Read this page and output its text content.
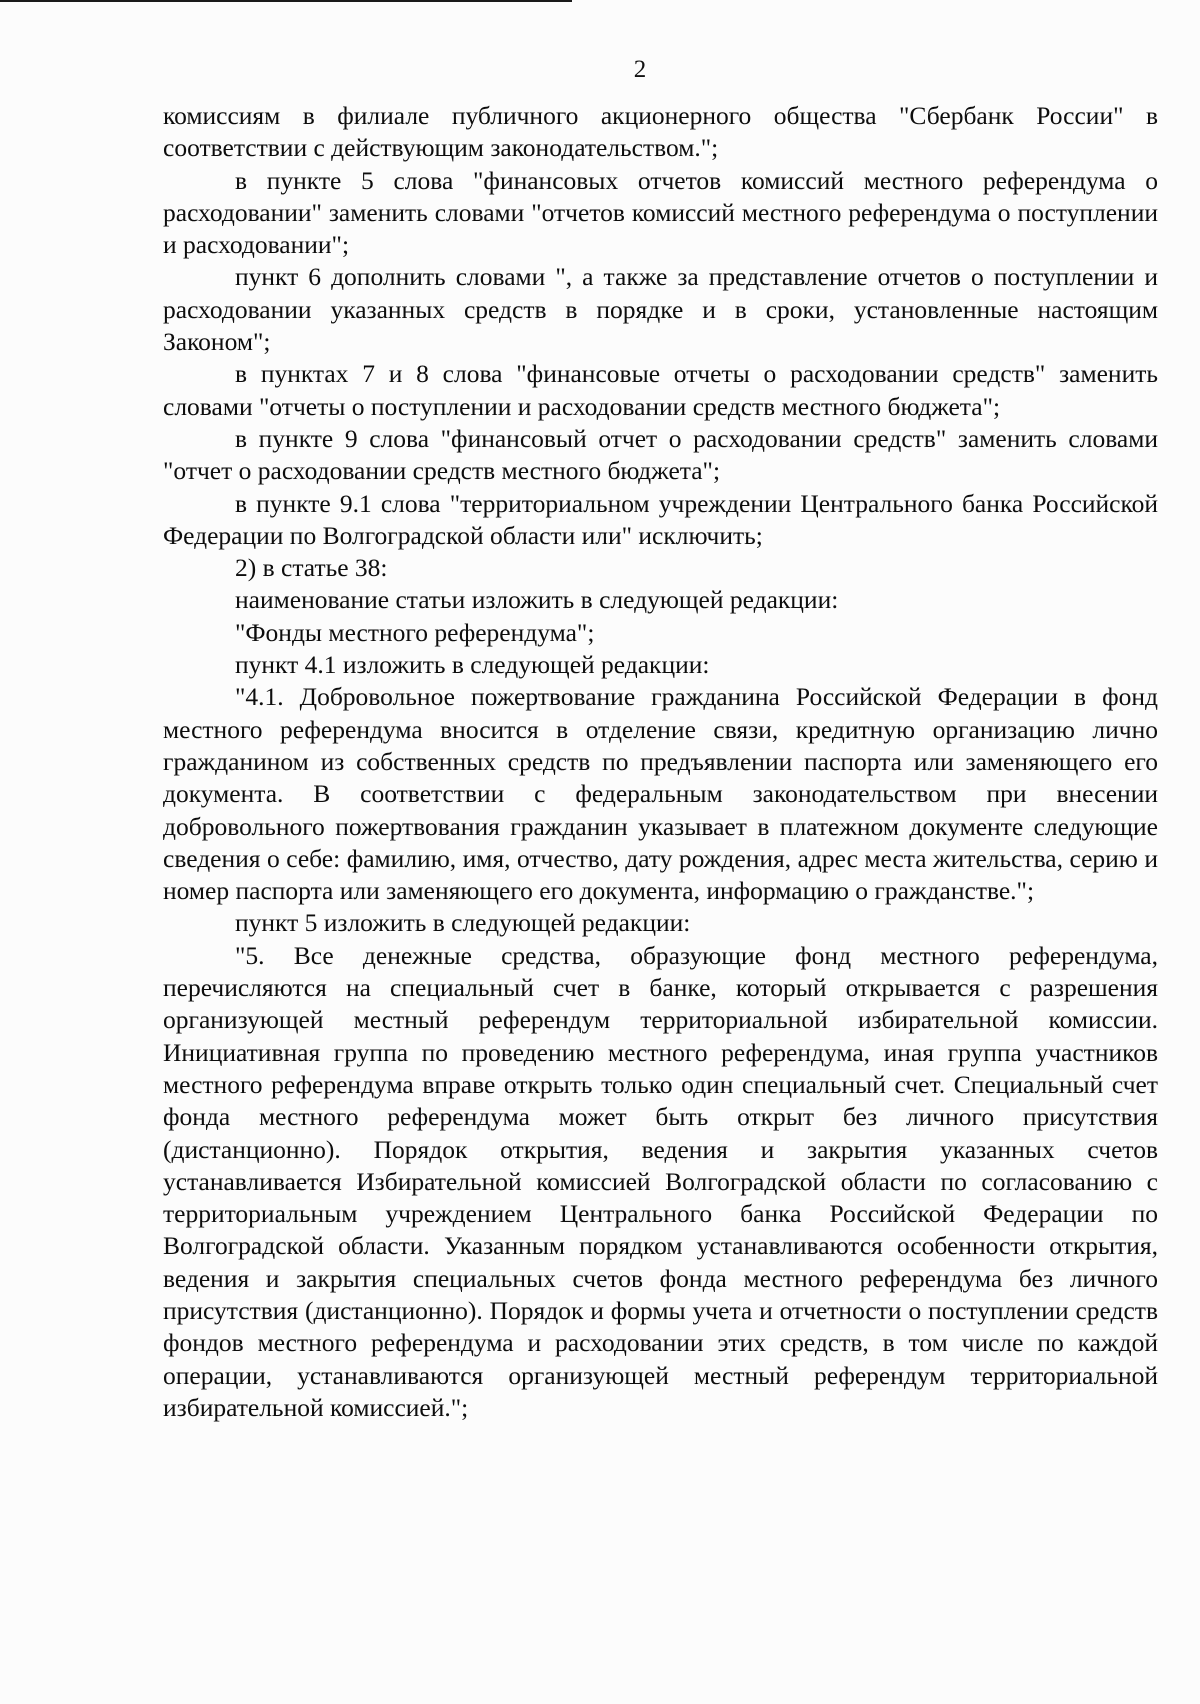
2

комиссиям в филиале публичного акционерного общества "Сбербанк России" в соответствии с действующим законодательством.";

в пункте 5 слова "финансовых отчетов комиссий местного референдума о расходовании" заменить словами "отчетов комиссий местного референдума о поступлении и расходовании";

пункт 6 дополнить словами ", а также за представление отчетов о поступлении и расходовании указанных средств в порядке и в сроки, установленные настоящим Законом";

в пунктах 7 и 8 слова "финансовые отчеты о расходовании средств" заменить словами "отчеты о поступлении и расходовании средств местного бюджета";

в пункте 9 слова "финансовый отчет о расходовании средств" заменить словами "отчет о расходовании средств местного бюджета";

в пункте 9.1 слова "территориальном учреждении Центрального банка Российской Федерации по Волгоградской области или" исключить;

2) в статье 38:

наименование статьи изложить в следующей редакции:

"Фонды местного референдума";

пункт 4.1 изложить в следующей редакции:

"4.1. Добровольное пожертвование гражданина Российской Федерации в фонд местного референдума вносится в отделение связи, кредитную организацию лично гражданином из собственных средств по предъявлении паспорта или заменяющего его документа. В соответствии с федеральным законодательством при внесении добровольного пожертвования гражданин указывает в платежном документе следующие сведения о себе: фамилию, имя, отчество, дату рождения, адрес места жительства, серию и номер паспорта или заменяющего его документа, информацию о гражданстве.";

пункт 5 изложить в следующей редакции:

"5. Все денежные средства, образующие фонд местного референдума, перечисляются на специальный счет в банке, который открывается с разрешения организующей местный референдум территориальной избирательной комиссии. Инициативная группа по проведению местного референдума, иная группа участников местного референдума вправе открыть только один специальный счет. Специальный счет фонда местного референдума может быть открыт без личного присутствия (дистанционно). Порядок открытия, ведения и закрытия указанных счетов устанавливается Избирательной комиссией Волгоградской области по согласованию с территориальным учреждением Центрального банка Российской Федерации по Волгоградской области. Указанным порядком устанавливаются особенности открытия, ведения и закрытия специальных счетов фонда местного референдума без личного присутствия (дистанционно). Порядок и формы учета и отчетности о поступлении средств фондов местного референдума и расходовании этих средств, в том числе по каждой операции, устанавливаются организующей местный референдум территориальной избирательной комиссией.";
